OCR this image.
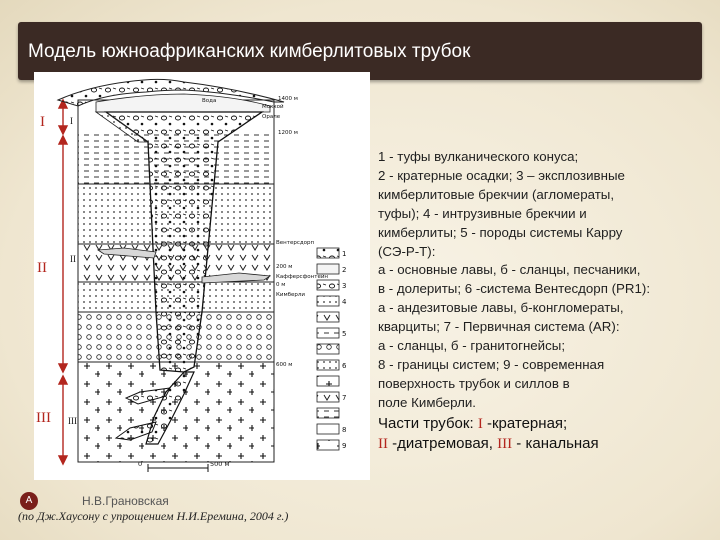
Модель южноафриканских кимберлитовых трубок
1
2
3
4
5
6
7
8
9
Вода
Мокхой
Орале
Вентерсдорп
Кафферсфонтейн
Кимберли
1400 м
1200 м
200 м
0 м
600 м
I
II
III
0	500 м
I
II
III
1 - туфы вулканического конуса;
2 - кратерные осадки; 3 – эксплозивные
кимберлитовые брекчии (агломераты,
туфы); 4 - интрузивные брекчии и
кимберлиты; 5 - породы системы Карру
(СЭ-Р-Т):
а - основные лавы, б - сланцы, песчаники,
в - долериты; 6 -система Вентесдорп (PR1):
а - андезитовые лавы, б-конгломераты,
кварциты; 7 - Первичная система (AR):
а - сланцы, б - гранитогнейсы;
8 - границы систем; 9 - современная
поверхность трубок и силлов в
поле Кимберли.
Части трубок: I -кратерная;
II -диатремовая, III - канальная
А	Н.В.Грановская
(по Дж.Хаусону с упрощением Н.И.Еремина, 2004 г.)
